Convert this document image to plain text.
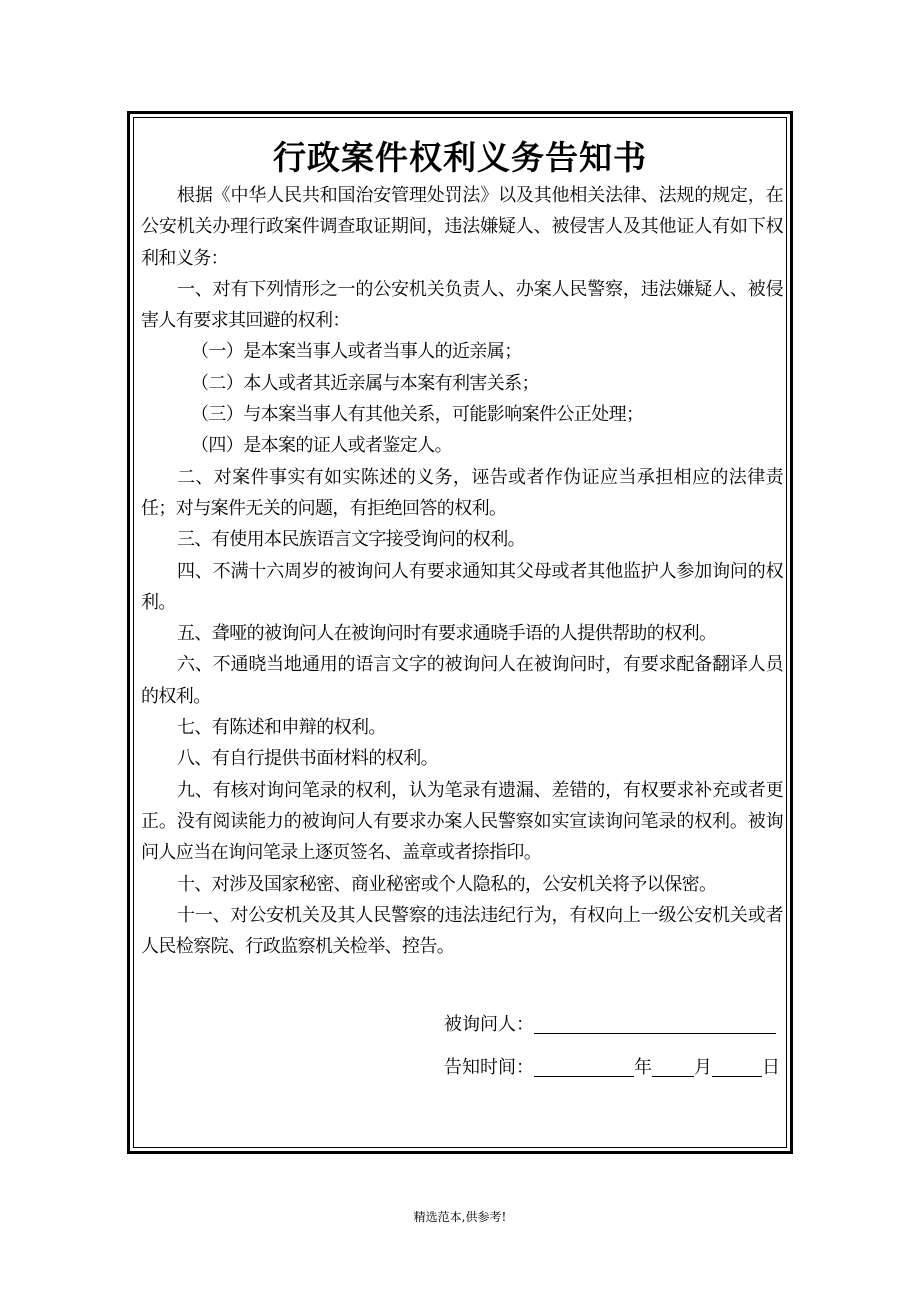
行政案件权利义务告知书

根据《中华人民共和国治安管理处罚法》以及其他相关法律、法规的规定，在公安机关办理行政案件调查取证期间，违法嫌疑人、被侵害人及其他证人有如下权利和义务：

一、对有下列情形之一的公安机关负责人、办案人民警察，违法嫌疑人、被侵害人有要求其回避的权利：

（一）是本案当事人或者当事人的近亲属；

（二）本人或者其近亲属与本案有利害关系；

（三）与本案当事人有其他关系，可能影响案件公正处理；

（四）是本案的证人或者鉴定人。

二、对案件事实有如实陈述的义务，诬告或者作伪证应当承担相应的法律责任；对与案件无关的问题，有拒绝回答的权利。

三、有使用本民族语言文字接受询问的权利。

四、不满十六周岁的被询问人有要求通知其父母或者其他监护人参加询问的权利。

五、聋哑的被询问人在被询问时有要求通晓手语的人提供帮助的权利。

六、不通晓当地通用的语言文字的被询问人在被询问时，有要求配备翻译人员的权利。

七、有陈述和申辩的权利。

八、有自行提供书面材料的权利。

九、有核对询问笔录的权利，认为笔录有遗漏、差错的，有权要求补充或者更正。没有阅读能力的被询问人有要求办案人民警察如实宣读询问笔录的权利。被询问人应当在询问笔录上逐页签名、盖章或者捺指印。

十、对涉及国家秘密、商业秘密或个人隐私的，公安机关将予以保密。

十一、对公安机关及其人民警察的违法违纪行为，有权向上一级公安机关或者人民检察院、行政监察机关检举、控告。

被询问人：
告知时间：	年 月	日
精选范本,供参考!
